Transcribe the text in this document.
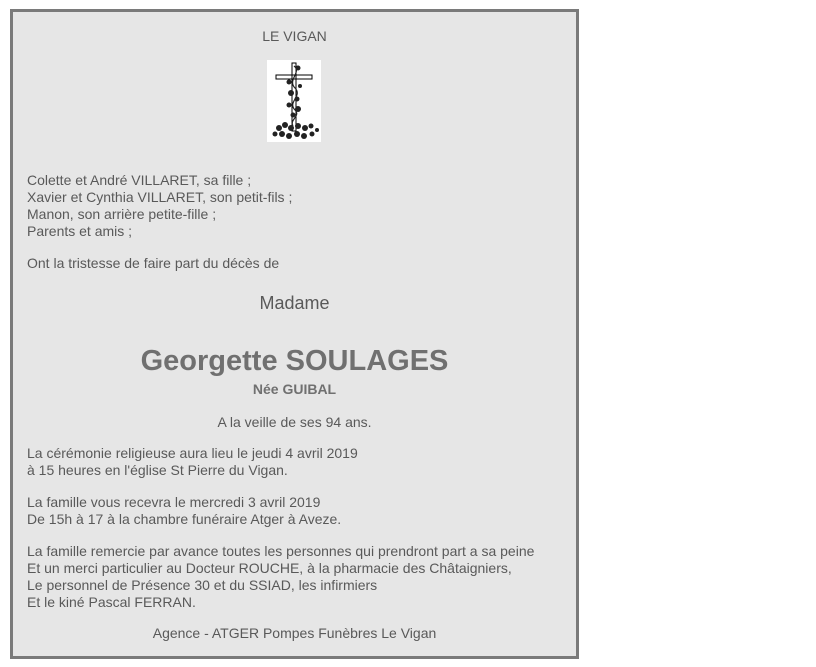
LE VIGAN
Colette et André VILLARET, sa fille ;
Xavier et Cynthia VILLARET, son petit-fils ;
Manon, son arrière petite-fille ;
Parents et amis ;
Ont la tristesse de faire part du décès de
Madame
Georgette SOULAGES
Née GUIBAL
A la veille de ses 94 ans.
La cérémonie religieuse aura lieu le jeudi 4 avril 2019
à 15 heures en l'église St Pierre du Vigan.
La famille vous recevra le mercredi 3 avril 2019
De 15h à 17 à la chambre funéraire Atger à Aveze.
La famille remercie par avance toutes les personnes qui prendront part a sa peine
Et un merci particulier au Docteur ROUCHE, à la pharmacie des Châtaigniers,
Le personnel de Présence 30 et du SSIAD, les infirmiers
Et le kiné Pascal FERRAN.
Agence - ATGER Pompes Funèbres Le Vigan
